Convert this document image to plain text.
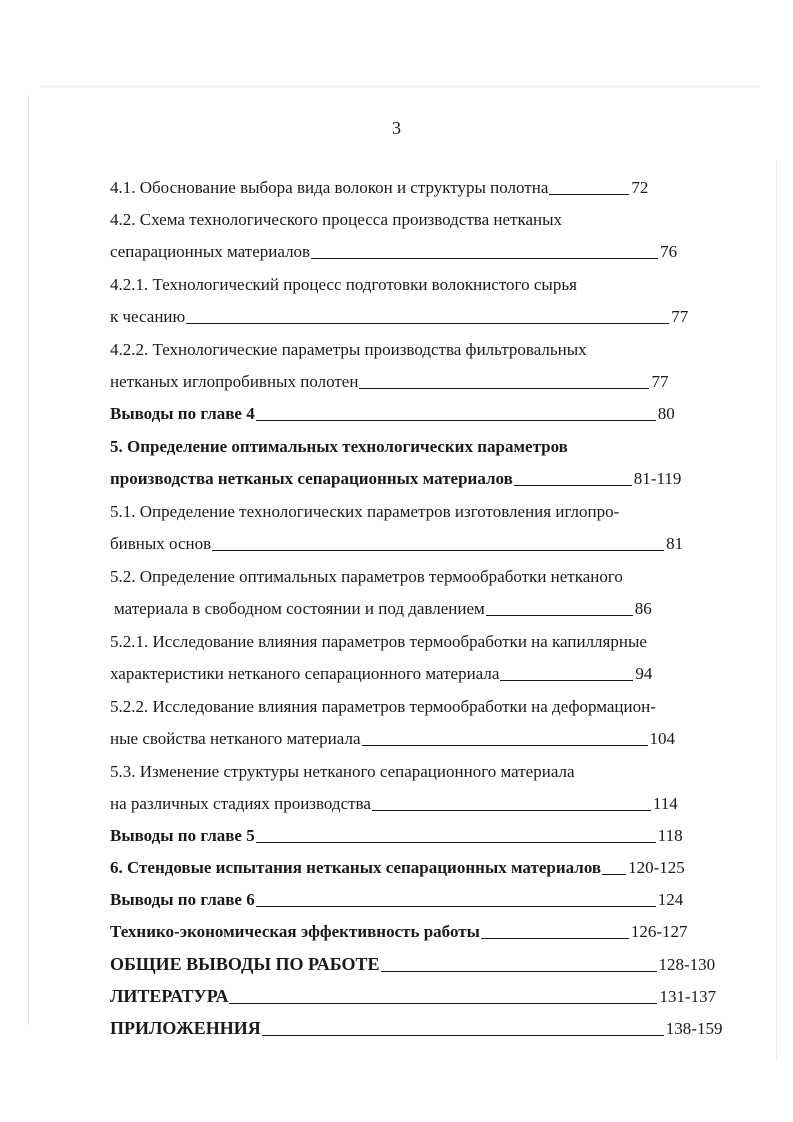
3
4.1. Обоснование выбора вида волокон и структуры полотна	72
4.2. Схема технологического процесса производства нетканых
сепарационных материалов	76
4.2.1. Технологический процесс подготовки волокнистого сырья
к чесанию	77
4.2.2. Технологические параметры производства фильтровальных
нетканых иглопробивных полотен	77
Выводы по главе 4	80
5. Определение оптимальных технологических параметров
производства нетканых сепарационных материалов	81-119
5.1. Определение технологических параметров изготовления иглопро-
бивных основ	81
5.2. Определение оптимальных параметров термообработки нетканого
материала в свободном состоянии и под давлением	86
5.2.1. Исследование влияния параметров термообработки на капиллярные
характеристики нетканого сепарационного материала	94
5.2.2. Исследование влияния параметров термообработки на деформацион-
ные свойства нетканого материала	104
5.3. Изменение структуры нетканого сепарационного материала
на различных стадиях производства	114
Выводы по главе 5	118
6. Стендовые испытания нетканых сепарационных материалов 120-125
Выводы по главе 6	124
Технико-экономическая эффективность работы	126-127
ОБЩИЕ ВЫВОДЫ ПО РАБОТЕ	128-130
ЛИТЕРАТУРА	131-137
ПРИЛОЖЕННИЯ	138-159
